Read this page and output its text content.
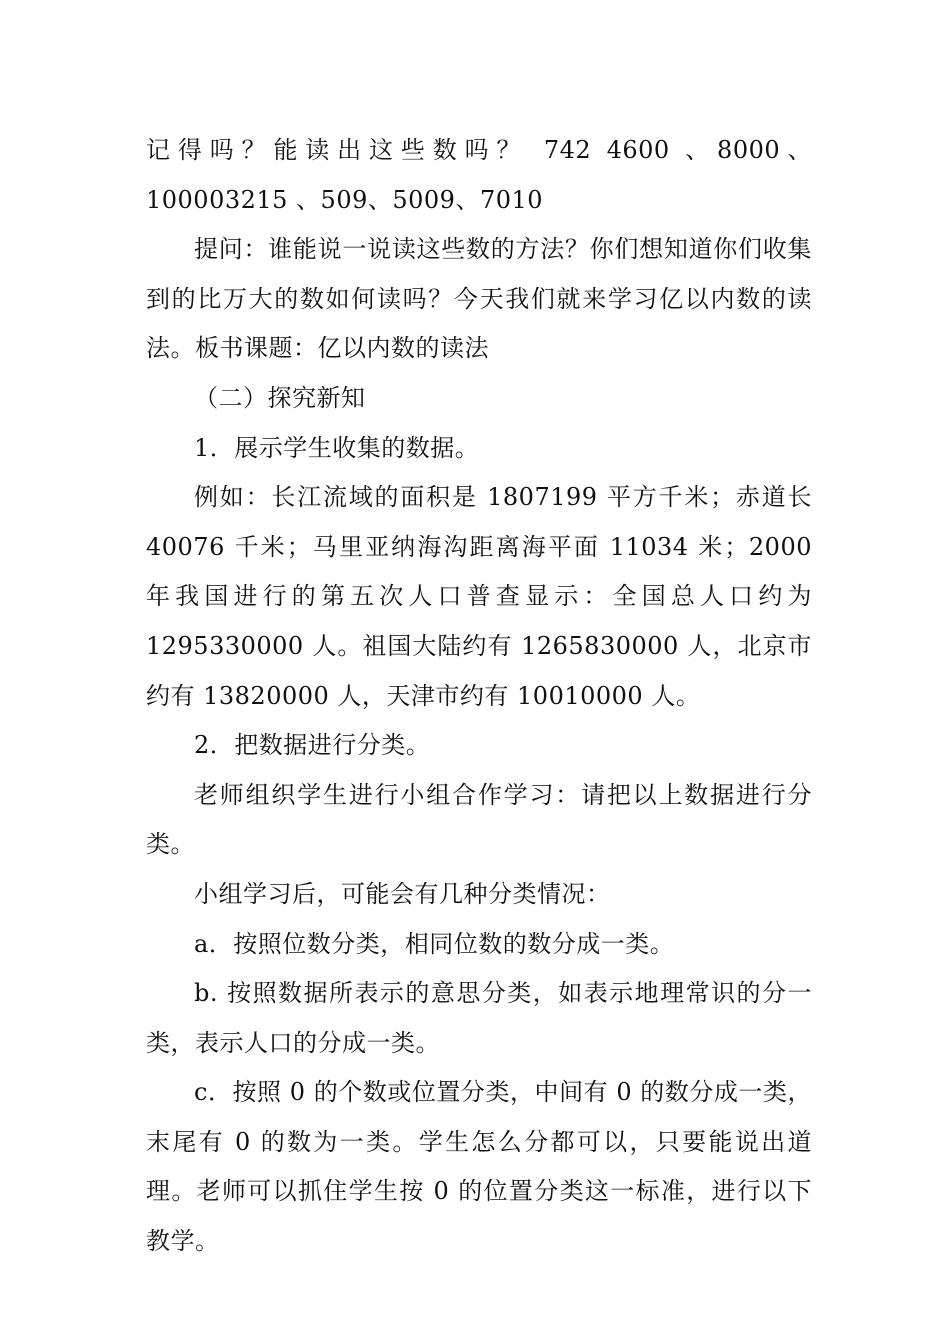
记得吗？能读出这些数吗？ 742 4600 、8000、100003215 、509、5009、7010

提问：谁能说一说读这些数的方法？你们想知道你们收集到的比万大的数如何读吗？今天我们就来学习亿以内数的读法。板书课题：亿以内数的读法

（二）探究新知

1．展示学生收集的数据。

例如：长江流域的面积是 1807199 平方千米；赤道长 40076 千米；马里亚纳海沟距离海平面 11034 米；2000 年我国进行的第五次人口普查显示：全国总人口约为 1295330000 人。祖国大陆约有 1265830000 人，北京市约有 13820000 人，天津市约有 10010000 人。

2．把数据进行分类。

老师组织学生进行小组合作学习：请把以上数据进行分类。

小组学习后，可能会有几种分类情况：

a．按照位数分类，相同位数的数分成一类。

b. 按照数据所表示的意思分类，如表示地理常识的分一类，表示人口的分成一类。

c．按照 0 的个数或位置分类，中间有 0 的数分成一类，末尾有 0 的数为一类。学生怎么分都可以，只要能说出道理。老师可以抓住学生按 0 的位置分类这一标准，进行以下教学。
